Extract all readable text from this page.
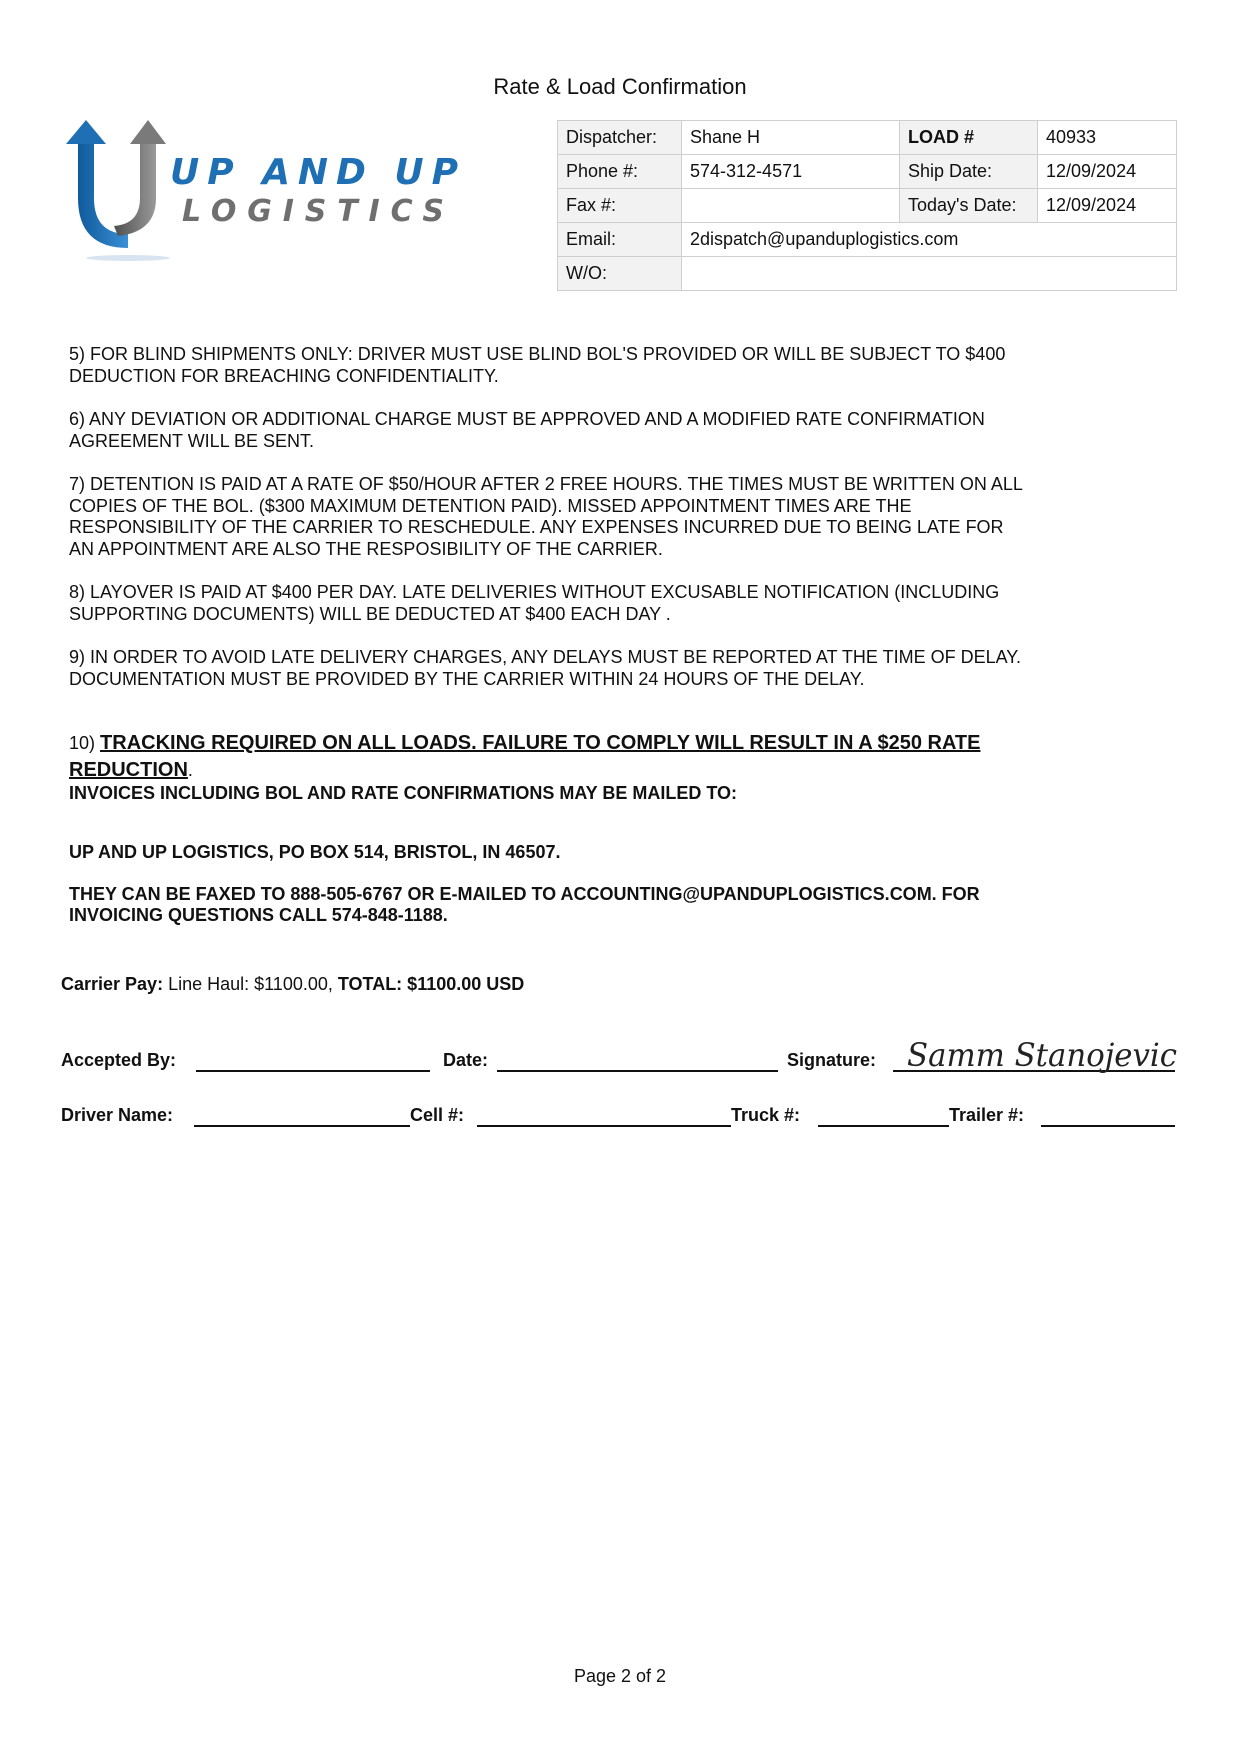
Rate & Load Confirmation
UP AND UP
LOGISTICS
Dispatcher:	Shane H	LOAD #	40933
Phone #:	574-312-4571	Ship Date:	12/09/2024
Fax #:		Today's Date:	12/09/2024
Email:	2dispatch@upanduplogistics.com		
W/O:			

5) FOR BLIND SHIPMENTS ONLY: DRIVER MUST USE BLIND BOL'S PROVIDED OR WILL BE SUBJECT TO $400
DEDUCTION FOR BREACHING CONFIDENTIALITY.

6) ANY DEVIATION OR ADDITIONAL CHARGE MUST BE APPROVED AND A MODIFIED RATE CONFIRMATION
AGREEMENT WILL BE SENT.

7) DETENTION IS PAID AT A RATE OF $50/HOUR AFTER 2 FREE HOURS. THE TIMES MUST BE WRITTEN ON ALL
COPIES OF THE BOL. ($300 MAXIMUM DETENTION PAID). MISSED APPOINTMENT TIMES ARE THE
RESPONSIBILITY OF THE CARRIER TO RESCHEDULE. ANY EXPENSES INCURRED DUE TO BEING LATE FOR
AN APPOINTMENT ARE ALSO THE RESPOSIBILITY OF THE CARRIER.

8) LAYOVER IS PAID AT $400 PER DAY. LATE DELIVERIES WITHOUT EXCUSABLE NOTIFICATION (INCLUDING
SUPPORTING DOCUMENTS) WILL BE DEDUCTED AT $400 EACH DAY .

9) IN ORDER TO AVOID LATE DELIVERY CHARGES, ANY DELAYS MUST BE REPORTED AT THE TIME OF DELAY.
DOCUMENTATION MUST BE PROVIDED BY THE CARRIER WITHIN 24 HOURS OF THE DELAY.

10) TRACKING REQUIRED ON ALL LOADS. FAILURE TO COMPLY WILL RESULT IN A $250 RATE
REDUCTION.
INVOICES INCLUDING BOL AND RATE CONFIRMATIONS MAY BE MAILED TO:
UP AND UP LOGISTICS, PO BOX 514, BRISTOL, IN 46507.
THEY CAN BE FAXED TO 888-505-6767 OR E-MAILED TO ACCOUNTING@UPANDUPLOGISTICS.COM. FOR
INVOICING QUESTIONS CALL 574-848-1188.
Carrier Pay: Line Haul: $1100.00, TOTAL: $1100.00 USD
Accepted By:	Date:	Signature: Samm Stanojevic
Driver Name:	Cell #:	Truck #:	Trailer #:
Page 2 of 2
